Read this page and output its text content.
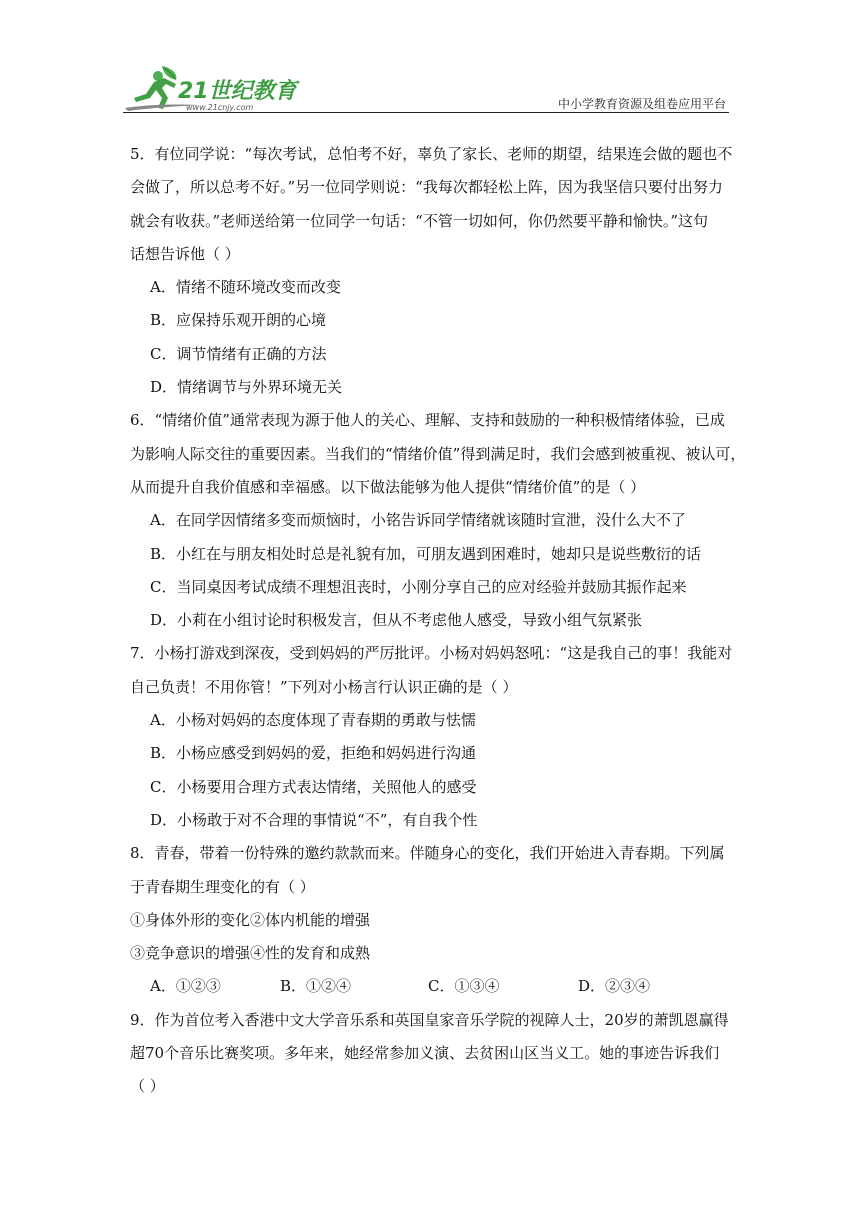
21世纪教育
www.21cnjy.com	中小学教育资源及组卷应用平台
5．有位同学说：“每次考试，总怕考不好，辜负了家长、老师的期望，结果连会做的题也不
会做了，所以总考不好。”另一位同学则说：“我每次都轻松上阵，因为我坚信只要付出努力
就会有收获。”老师送给第一位同学一句话：“不管一切如何，你仍然要平静和愉快。”这句
话想告诉他（ ）
A．情绪不随环境改变而改变
B．应保持乐观开朗的心境
C．调节情绪有正确的方法
D．情绪调节与外界环境无关
6．“情绪价值”通常表现为源于他人的关心、理解、支持和鼓励的一种积极情绪体验，已成
为影响人际交往的重要因素。当我们的“情绪价值”得到满足时，我们会感到被重视、被认可，
从而提升自我价值感和幸福感。以下做法能够为他人提供“情绪价值”的是（ ）
A．在同学因情绪多变而烦恼时，小铭告诉同学情绪就该随时宣泄，没什么大不了
B．小红在与朋友相处时总是礼貌有加，可朋友遇到困难时，她却只是说些敷衍的话
C．当同桌因考试成绩不理想沮丧时，小刚分享自己的应对经验并鼓励其振作起来
D．小莉在小组讨论时积极发言，但从不考虑他人感受，导致小组气氛紧张
7．小杨打游戏到深夜，受到妈妈的严厉批评。小杨对妈妈怒吼：“这是我自己的事！我能对
自己负责！不用你管！”下列对小杨言行认识正确的是（ ）
A．小杨对妈妈的态度体现了青春期的勇敢与怯懦
B．小杨应感受到妈妈的爱，拒绝和妈妈进行沟通
C．小杨要用合理方式表达情绪，关照他人的感受
D．小杨敢于对不合理的事情说“不”，有自我个性
8．青春，带着一份特殊的邀约款款而来。伴随身心的变化，我们开始进入青春期。下列属
于青春期生理变化的有（ ）
①身体外形的变化②体内机能的增强
③竞争意识的增强④性的发育和成熟
A．①②③	B．①②④	C．①③④	D．②③④
9．作为首位考入香港中文大学音乐系和英国皇家音乐学院的视障人士，20岁的萧凯恩赢得
超70个音乐比赛奖项。多年来，她经常参加义演、去贫困山区当义工。她的事迹告诉我们
（ ）
